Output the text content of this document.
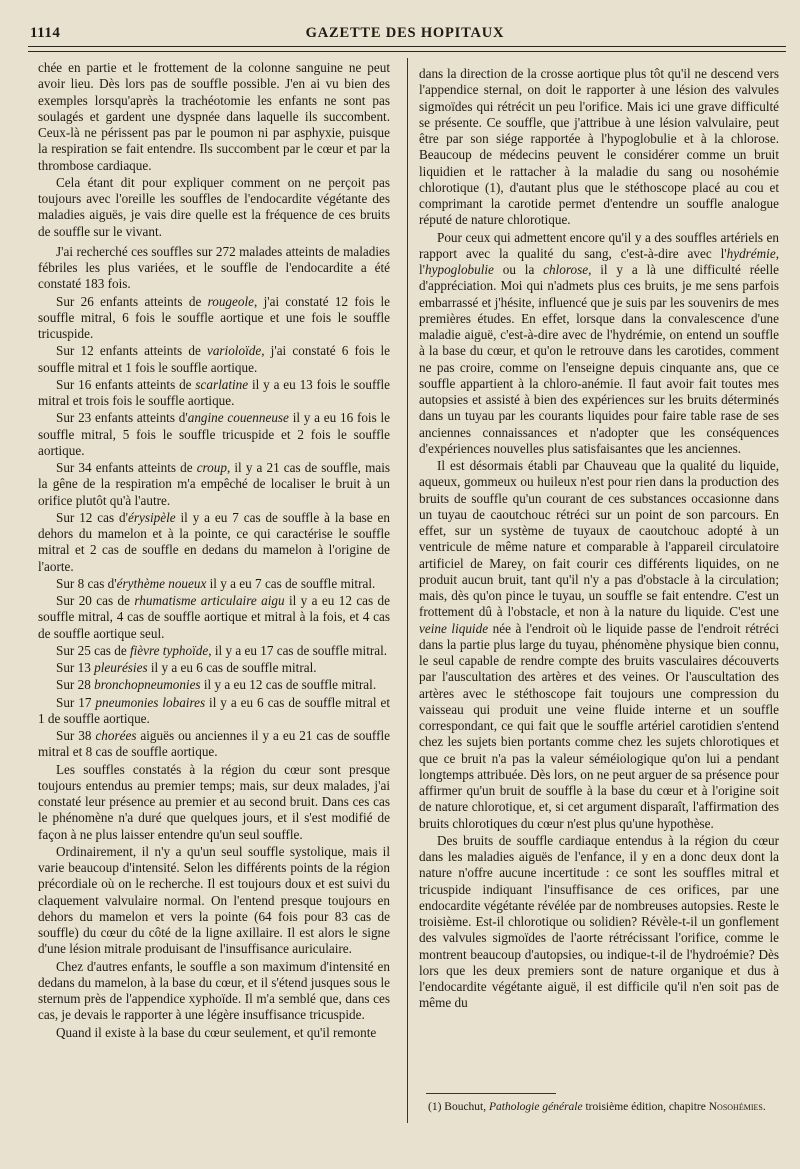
1114	GAZETTE DES HOPITAUX

chée en partie et le frottement de la colonne sanguine ne peut avoir lieu. Dès lors pas de souffle possible. J'en ai vu bien des exemples lorsqu'après la trachéotomie les enfants ne sont pas soulagés et gardent une dyspnée dans laquelle ils succombent. Ceux-là ne périssent pas par le poumon ni par asphyxie, puisque la respiration se fait entendre. Ils succombent par le cœur et par la thrombose cardiaque.

Cela étant dit pour expliquer comment on ne perçoit pas toujours avec l'oreille les souffles de l'endocardite végétante des maladies aiguës, je vais dire quelle est la fréquence de ces bruits de souffle sur le vivant.

J'ai recherché ces souffles sur 272 malades atteints de maladies fébriles les plus variées, et le souffle de l'endocardite a été constaté 183 fois.

Sur 26 enfants atteints de rougeole, j'ai constaté 12 fois le souffle mitral, 6 fois le souffle aortique et une fois le souffle tricuspide.

Sur 12 enfants atteints de varioloïde, j'ai constaté 6 fois le souffle mitral et 1 fois le souffle aortique.

Sur 16 enfants atteints de scarlatine il y a eu 13 fois le souffle mitral et trois fois le souffle aortique.

Sur 23 enfants atteints d'angine couenneuse il y a eu 16 fois le souffle mitral, 5 fois le souffle tricuspide et 2 fois le souffle aortique.

Sur 34 enfants atteints de croup, il y a 21 cas de souffle, mais la gêne de la respiration m'a empêché de localiser le bruit à un orifice plutôt qu'à l'autre.

Sur 12 cas d'érysipèle il y a eu 7 cas de souffle à la base en dehors du mamelon et à la pointe, ce qui caractérise le souffle mitral et 2 cas de souffle en dedans du mamelon à l'origine de l'aorte.

Sur 8 cas d'érythème noueux il y a eu 7 cas de souffle mitral.

Sur 20 cas de rhumatisme articulaire aigu il y a eu 12 cas de souffle mitral, 4 cas de souffle aortique et mitral à la fois, et 4 cas de souffle aortique seul.

Sur 25 cas de fièvre typhoïde, il y a eu 17 cas de souffle mitral.

Sur 13 pleurésies il y a eu 6 cas de souffle mitral.

Sur 28 bronchopneumonies il y a eu 12 cas de souffle mitral.

Sur 17 pneumonies lobaires il y a eu 6 cas de souffle mitral et 1 de souffle aortique.

Sur 38 chorées aiguës ou anciennes il y a eu 21 cas de souffle mitral et 8 cas de souffle aortique.

Les souffles constatés à la région du cœur sont presque toujours entendus au premier temps; mais, sur deux malades, j'ai constaté leur présence au premier et au second bruit. Dans ces cas le phénomène n'a duré que quelques jours, et il s'est modifié de façon à ne plus laisser entendre qu'un seul souffle.

Ordinairement, il n'y a qu'un seul souffle systolique, mais il varie beaucoup d'intensité. Selon les différents points de la région précordiale où on le recherche. Il est toujours doux et est suivi du claquement valvulaire normal. On l'entend presque toujours en dehors du mamelon et vers la pointe (64 fois pour 83 cas de souffle) du cœur du côté de la ligne axillaire. Il est alors le signe d'une lésion mitrale produisant de l'insuffisance auriculaire.

Chez d'autres enfants, le souffle a son maximum d'intensité en dedans du mamelon, à la base du cœur, et il s'étend jusques sous le sternum près de l'appendice xyphoïde. Il m'a semblé que, dans ces cas, je devais le rapporter à une légère insuffisance tricuspide.

Quand il existe à la base du cœur seulement, et qu'il remonte

dans la direction de la crosse aortique plus tôt qu'il ne descend vers l'appendice sternal, on doit le rapporter à une lésion des valvules sigmoïdes qui rétrécit un peu l'orifice. Mais ici une grave difficulté se présente. Ce souffle, que j'attribue à une lésion valvulaire, peut être par son siége rapportée à l'hypoglobulie et à la chlorose. Beaucoup de médecins peuvent le considérer comme un bruit liquidien et le rattacher à la maladie du sang ou nosohémie chlorotique (1), d'autant plus que le stéthoscope placé au cou et comprimant la carotide permet d'entendre un souffle analogue réputé de nature chlorotique.

Pour ceux qui admettent encore qu'il y a des souffles artériels en rapport avec la qualité du sang, c'est-à-dire avec l'hydrémie, l'hypoglobulie ou la chlorose, il y a là une difficulté réelle d'appréciation. Moi qui n'admets plus ces bruits, je me sens parfois embarrassé et j'hésite, influencé que je suis par les souvenirs de mes premières études. En effet, lorsque dans la convalescence d'une maladie aiguë, c'est-à-dire avec de l'hydrémie, on entend un souffle à la base du cœur, et qu'on le retrouve dans les carotides, comment ne pas croire, comme on l'enseigne depuis cinquante ans, que ce souffle appartient à la chloro-anémie. Il faut avoir fait toutes mes autopsies et assisté à bien des expériences sur les bruits déterminés dans un tuyau par les courants liquides pour faire table rase de ses anciennes connaissances et n'adopter que les conséquences d'expériences nouvelles plus satisfaisantes que les anciennes.

Il est désormais établi par Chauveau que la qualité du liquide, aqueux, gommeux ou huileux n'est pour rien dans la production des bruits de souffle qu'un courant de ces substances occasionne dans un tuyau de caoutchouc rétréci sur un point de son parcours. En effet, sur un système de tuyaux de caoutchouc adopté à un ventricule de même nature et comparable à l'appareil circulatoire artificiel de Marey, on fait courir ces différents liquides, on ne produit aucun bruit, tant qu'il n'y a pas d'obstacle à la circulation; mais, dès qu'on pince le tuyau, un souffle se fait entendre. C'est un frottement dû à l'obstacle, et non à la nature du liquide. C'est une veine liquide née à l'endroit où le liquide passe de l'endroit rétréci dans la partie plus large du tuyau, phénomène physique bien connu, le seul capable de rendre compte des bruits vasculaires découverts par l'auscultation des artères et des veines. Or l'auscultation des artères avec le stéthoscope fait toujours une compression du vaisseau qui produit une veine fluide interne et un souffle correspondant, ce qui fait que le souffle artériel carotidien s'entend chez les sujets bien portants comme chez les sujets chlorotiques et que ce bruit n'a pas la valeur séméiologique qu'on lui a pendant longtemps attribuée. Dès lors, on ne peut arguer de sa présence pour affirmer qu'un bruit de souffle à la base du cœur et à l'origine soit de nature chlorotique, et, si cet argument disparaît, l'affirmation des bruits chlorotiques du cœur n'est plus qu'une hypothèse.

Des bruits de souffle cardiaque entendus à la région du cœur dans les maladies aiguës de l'enfance, il y en a donc deux dont la nature n'offre aucune incertitude : ce sont les souffles mitral et tricuspide indiquant l'insuffisance de ces orifices, par une endocardite végétante révélée par de nombreuses autopsies. Reste le troisième. Est-il chlorotique ou solidien? Révèle-t-il un gonflement des valvules sigmoïdes de l'aorte rétrécissant l'orifice, comme le montrent beaucoup d'autopsies, ou indique-t-il de l'hydroémie? Dès lors que les deux premiers sont de nature organique et dus à l'endocardite végétante aiguë, il est difficile qu'il n'en soit pas de même du

(1) Bouchut, Pathologie générale troisième édition, chapitre Nosohémies.
